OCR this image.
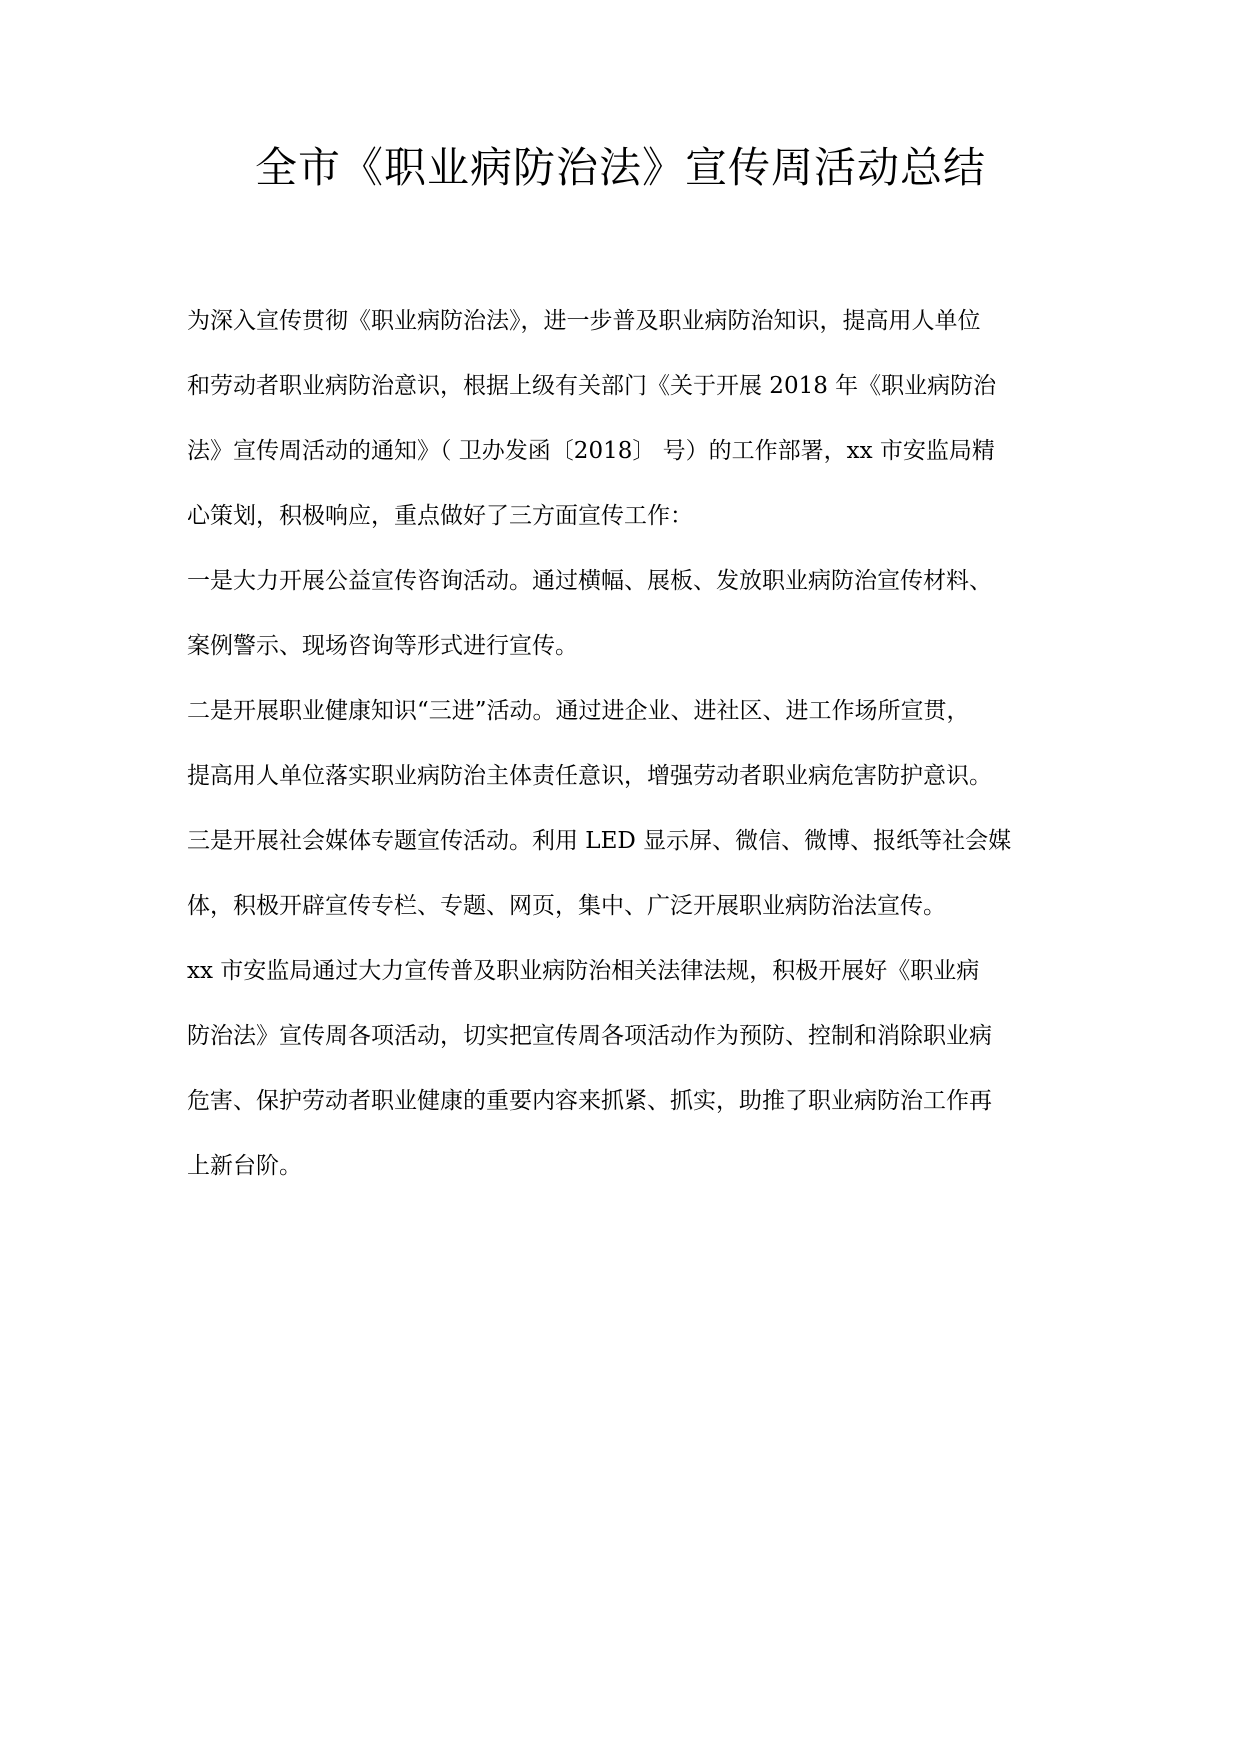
全市《职业病防治法》宣传周活动总结
为深入宣传贯彻《职业病防治法》，进一步普及职业病防治知识，提高用人单位
和劳动者职业病防治意识，根据上级有关部门《关于开展 2018 年《职业病防治
法》宣传周活动的通知》（ 卫办发函〔2018〕 号）的工作部署，xx 市安监局精
心策划，积极响应，重点做好了三方面宣传工作：
一是大力开展公益宣传咨询活动。通过横幅、展板、发放职业病防治宣传材料、
案例警示、现场咨询等形式进行宣传。
二是开展职业健康知识“三进”活动。通过进企业、进社区、进工作场所宣贯，
提高用人单位落实职业病防治主体责任意识，增强劳动者职业病危害防护意识。
三是开展社会媒体专题宣传活动。利用 LED 显示屏、微信、微博、报纸等社会媒
体，积极开辟宣传专栏、专题、网页，集中、广泛开展职业病防治法宣传。
xx 市安监局通过大力宣传普及职业病防治相关法律法规，积极开展好《职业病
防治法》宣传周各项活动，切实把宣传周各项活动作为预防、控制和消除职业病
危害、保护劳动者职业健康的重要内容来抓紧、抓实，助推了职业病防治工作再
上新台阶。
